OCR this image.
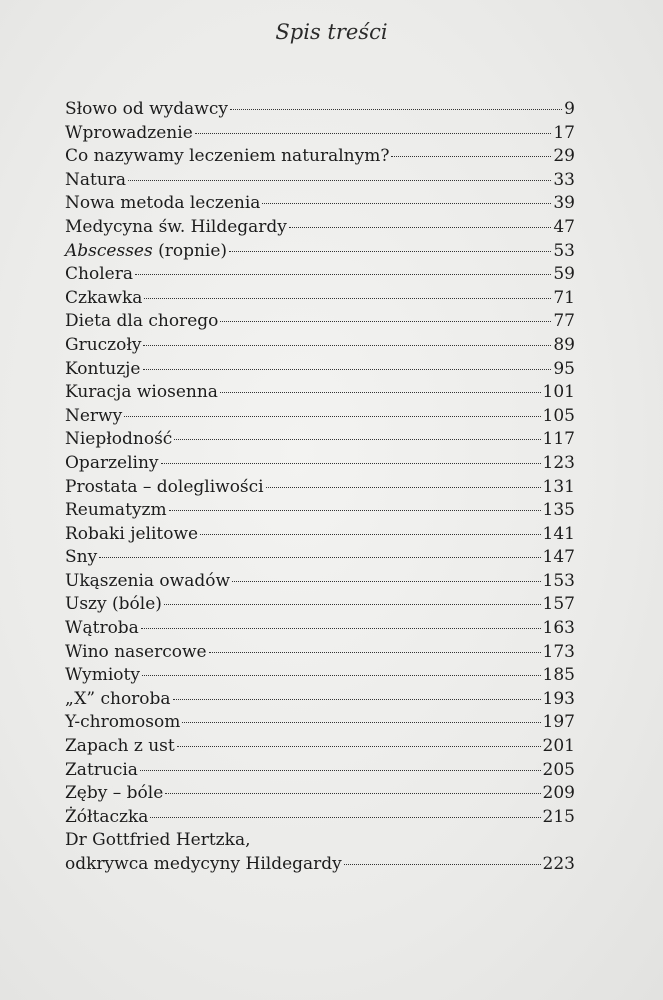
Spis treści
Słowo od wydawcy	9
Wprowadzenie	17
Co nazywamy leczeniem naturalnym?	29
Natura	33
Nowa metoda leczenia	39
Medycyna św. Hildegardy	47
Abscesses (ropnie)	53
Cholera	59
Czkawka	71
Dieta dla chorego	77
Gruczoły	89
Kontuzje	95
Kuracja wiosenna	101
Nerwy	105
Niepłodność	117
Oparzeliny	123
Prostata – dolegliwości	131
Reumatyzm	135
Robaki jelitowe	141
Sny	147
Ukąszenia owadów	153
Uszy (bóle)	157
Wątroba	163
Wino nasercowe	173
Wymioty	185
„X” choroba	193
Y-chromosom	197
Zapach z ust	201
Zatrucia	205
Zęby – bóle	209
Żółtaczka	215
Dr Gottfried Hertzka,
odkrywca medycyny Hildegardy	223
